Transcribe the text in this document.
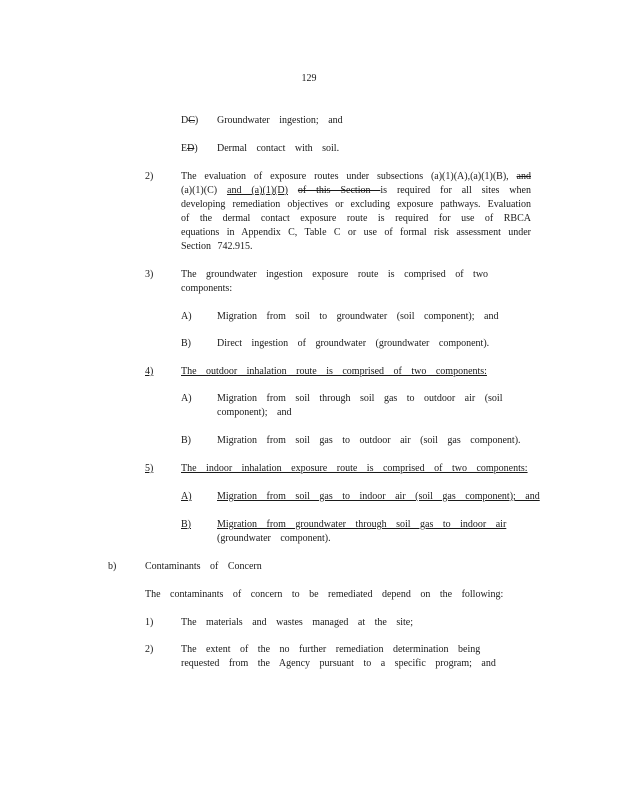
129
DC) Groundwater ingestion; and

ED) Dermal contact with soil.

2)	The evaluation of exposure routes under subsections (a)(1)(A),(a)(1)(B), and (a)(1)(C) and (a)(1)(D) of this Section is required for all sites when developing remediation objectives or excluding exposure pathways. Evaluation of the dermal contact exposure route is required for use of RBCA equations in Appendix C, Table C or use of formal risk assessment under Section 742.915.

3)	The groundwater ingestion exposure route is comprised of two components:

A)	Migration from soil to groundwater (soil component); and

B)	Direct ingestion of groundwater (groundwater component).

4)	The outdoor inhalation route is comprised of two components:

A)	Migration from soil through soil gas to outdoor air (soil component); and

B)	Migration from soil gas to outdoor air (soil gas component).

5)	The indoor inhalation exposure route is comprised of two components:

A)	Migration from soil gas to indoor air (soil gas component); and

B)	Migration from groundwater through soil gas to indoor air
(groundwater component).

b)	Contaminants of Concern

The contaminants of concern to be remediated depend on the following:

1)	The materials and wastes managed at the site;

2)	The extent of the no further remediation determination being requested from the Agency pursuant to a specific program; and
